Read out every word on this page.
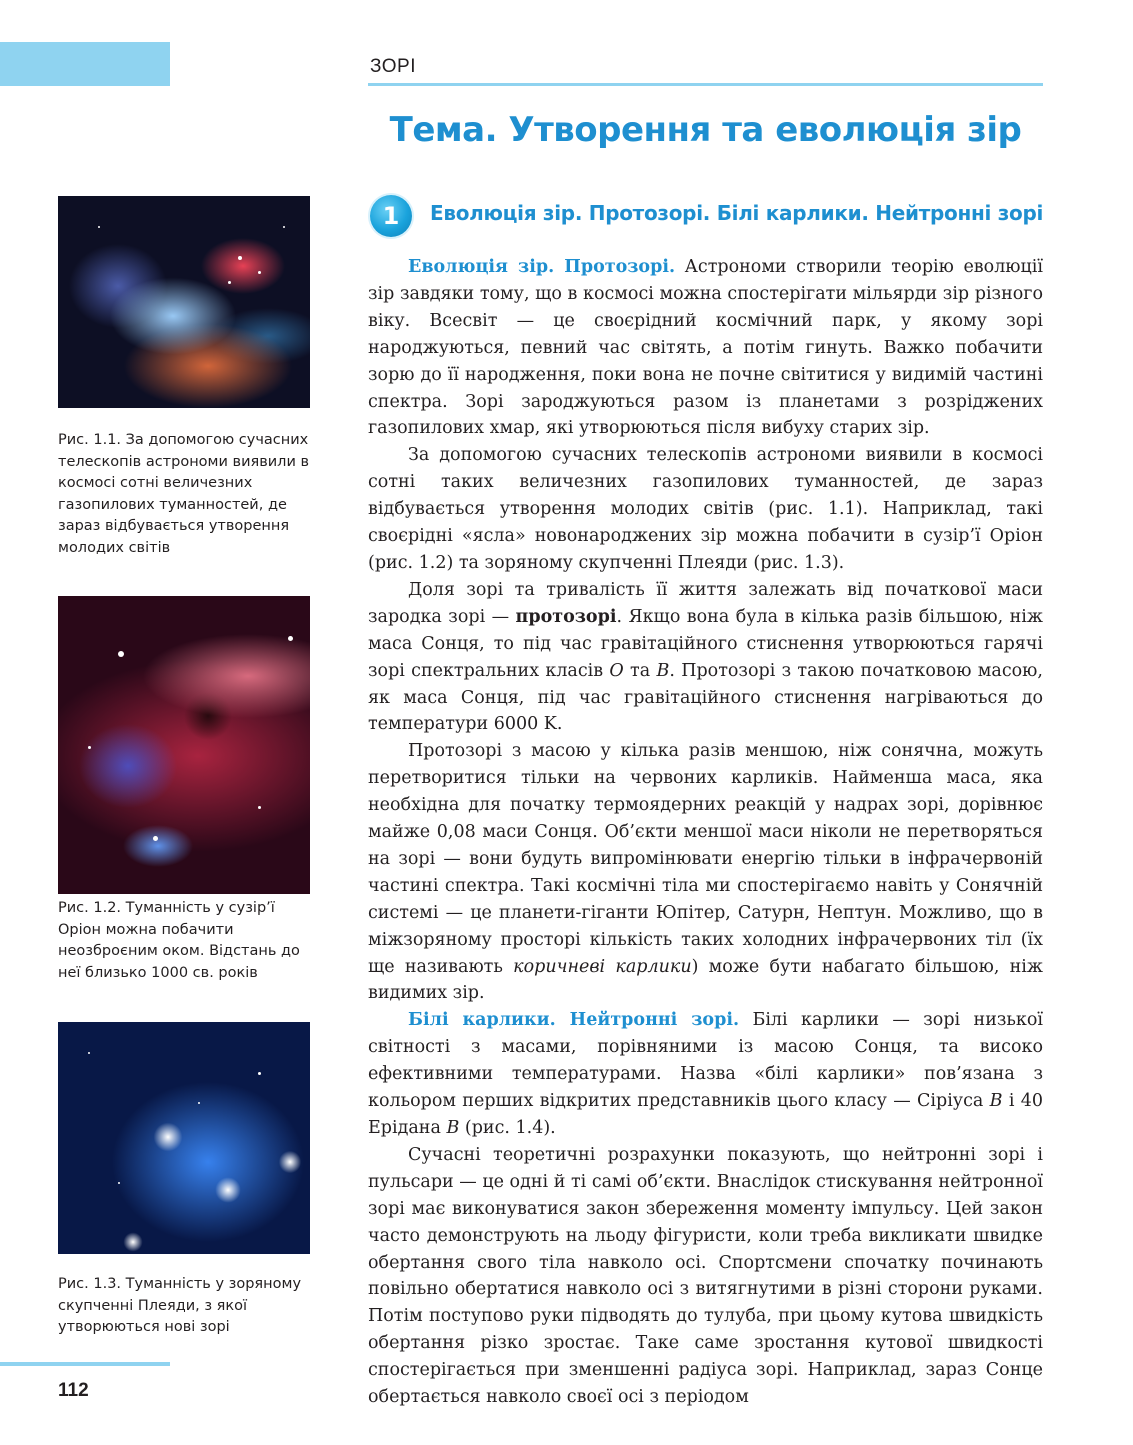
ЗОРІ
Тема. Утворення та еволюція зір
1	Еволюція зір. Протозорі. Білі карлики. Нейтронні зорі

Еволюція зір. Протозорі. Астрономи створили теорію еволюції зір завдяки тому, що в космосі можна спостерігати мільярди зір різного віку. Всесвіт — це своєрідний космічний парк, у якому зорі народжуються, певний час світять, а потім гинуть. Важко побачити зорю до її народження, поки вона не почне світитися у видимій частині спектра. Зорі зароджуються разом із планетами з розріджених газопилових хмар, які утворюються після вибуху старих зір.

За допомогою сучасних телескопів астрономи виявили в космосі сотні таких величезних газопилових туманностей, де зараз відбувається утворення молодих світів (рис. 1.1). Наприклад, такі своєрідні «ясла» новонароджених зір можна побачити в сузір’ї Оріон (рис. 1.2) та зоряному скупченні Плеяди (рис. 1.3).

Доля зорі та тривалість її життя залежать від початкової маси зародка зорі — протозорі. Якщо вона була в кілька разів більшою, ніж маса Сонця, то під час гравітаційного стиснення утворюються гарячі зорі спектральних класів O та B. Протозорі з такою початковою масою, як маса Сонця, під час гравітаційного стиснення нагріваються до температури 6000 K.

Протозорі з масою у кілька разів меншою, ніж сонячна, можуть перетворитися тільки на червоних карликів. Найменша маса, яка необхідна для початку термоядерних реакцій у надрах зорі, дорівнює майже 0,08 маси Сонця. Об’єкти меншої маси ніколи не перетворяться на зорі — вони будуть випромінювати енергію тільки в інфрачервоній частині спектра. Такі космічні тіла ми спостерігаємо навіть у Сонячній системі — це планети-гіганти Юпітер, Сатурн, Нептун. Можливо, що в міжзоряному просторі кількість таких холодних інфрачервоних тіл (їх ще називають коричневі карлики) може бути набагато більшою, ніж видимих зір.

Білі карлики. Нейтронні зорі. Білі карлики — зорі низької світності з масами, порівняними із масою Сонця, та високо ефективними температурами. Назва «білі карлики» пов’язана з кольором перших відкритих представників цього класу — Сіріуса B і 40 Ерідана B (рис. 1.4).

Сучасні теоретичні розрахунки показують, що нейтронні зорі і пульсари — це одні й ті самі об’єкти. Внаслідок стискування нейтронної зорі має виконуватися закон збереження моменту імпульсу. Цей закон часто демонструють на льоду фігуристи, коли треба викликати швидке обертання свого тіла навколо осі. Спортсмени спочатку починають повільно обертатися навколо осі з витягнутими в різні сторони руками. Потім поступово руки підводять до тулуба, при цьому кутова швидкість обертання різко зростає. Таке саме зростання кутової швидкості спостерігається при зменшенні радіуса зорі. Наприклад, зараз Сонце обертається навколо своєї осі з періодом

Рис. 1.1. За допомогою сучасних телескопів астрономи виявили в космосі сотні величезних газопилових туманностей, де зараз відбувається утворення молодих світів
Рис. 1.2. Туманність у сузір’ї Оріон можна побачити неозброєним оком. Відстань до неї близько 1000 св. років
Рис. 1.3. Туманність у зоряному скупченні Плеяди, з якої утворюються нові зорі
112
